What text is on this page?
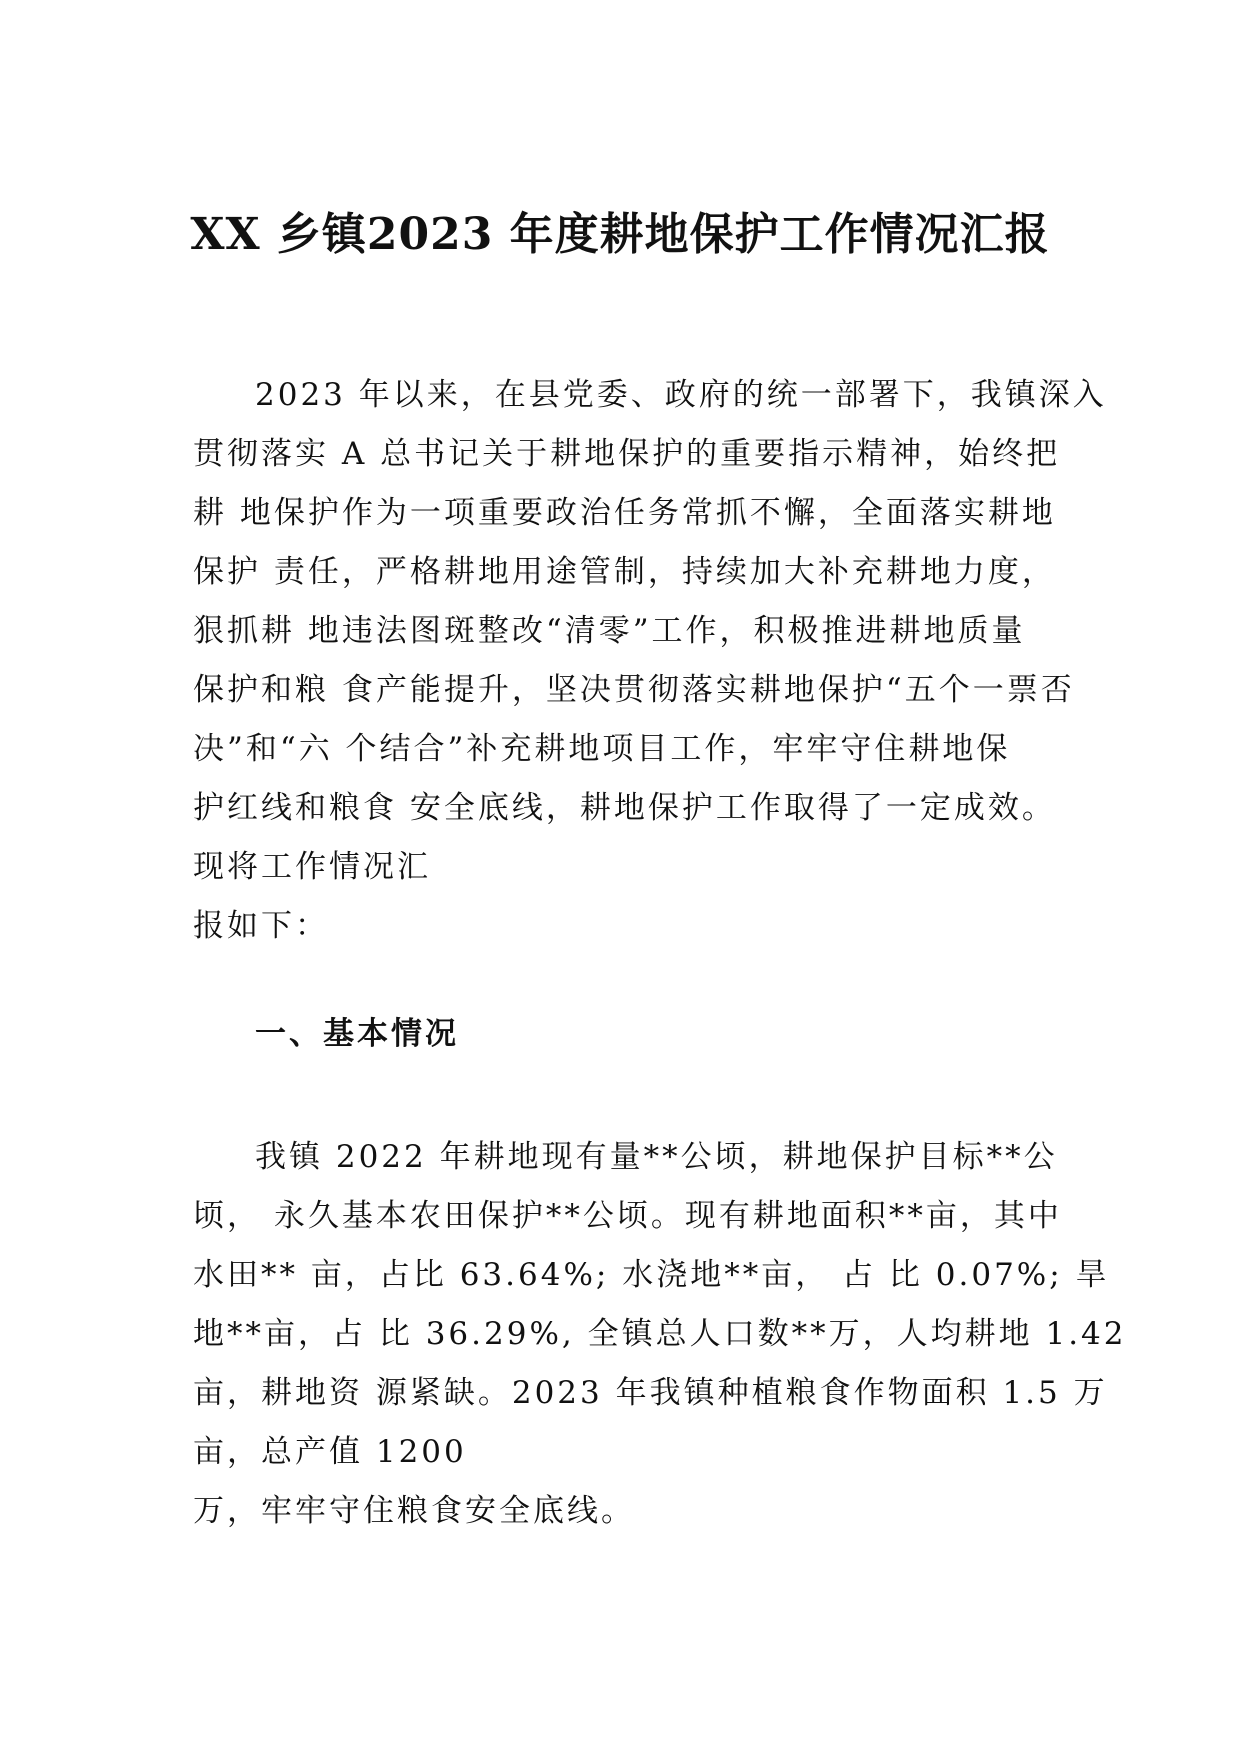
XX 乡镇2023 年度耕地保护工作情况汇报
2023 年以来，在县党委、政府的统一部署下，我镇深入
贯彻落实 A 总书记关于耕地保护的重要指示精神，始终把
耕 地保护作为一项重要政治任务常抓不懈，全面落实耕地
保护 责任，严格耕地用途管制，持续加大补充耕地力度，
狠抓耕 地违法图斑整改“清零”工作，积极推进耕地质量
保护和粮 食产能提升，坚决贯彻落实耕地保护“五个一票否
决”和“六 个结合”补充耕地项目工作，牢牢守住耕地保
护红线和粮食 安全底线，耕地保护工作取得了一定成效。
现将工作情况汇
报如下：
一、基本情况
我镇 2022 年耕地现有量**公顷，耕地保护目标**公
顷， 永久基本农田保护**公顷。现有耕地面积**亩，其中
水田** 亩，占比 63.64%; 水浇地**亩， 占 比 0.07%; 旱
地**亩，占 比 36.29%, 全镇总人口数**万，人均耕地 1.42
亩，耕地资 源紧缺。2023 年我镇种植粮食作物面积 1.5 万
亩，总产值 1200
万，牢牢守住粮食安全底线。
